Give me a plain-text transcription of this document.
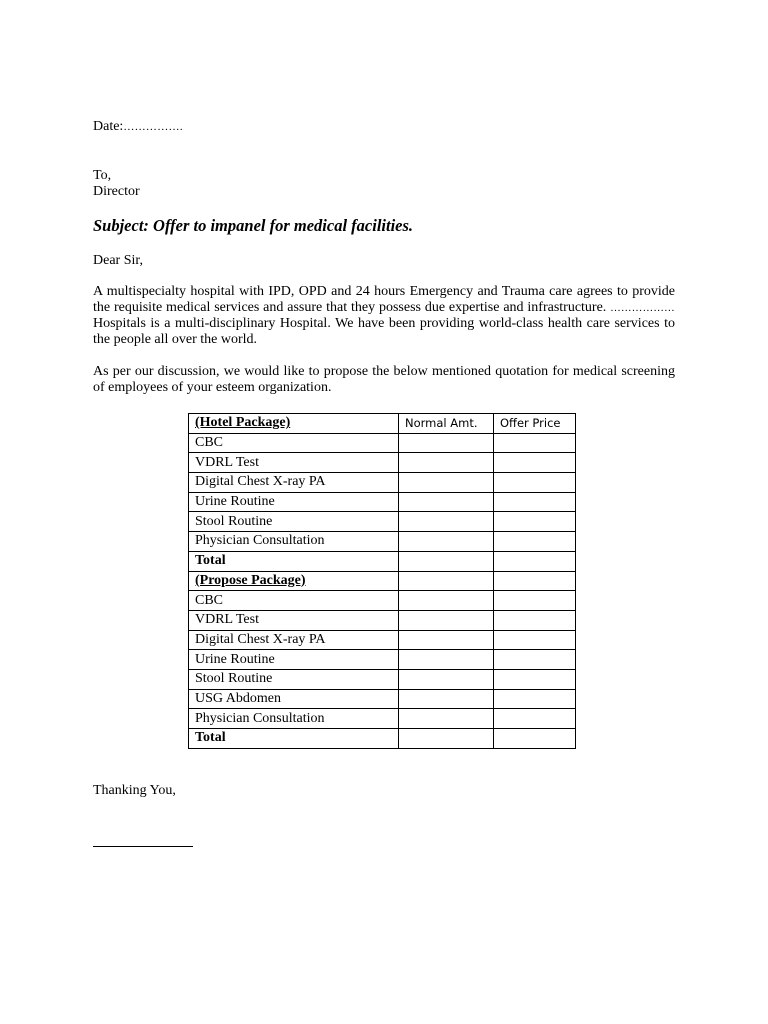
Date:…………….
To,
Director
Subject: Offer to impanel for medical facilities.
Dear Sir,
A multispecialty hospital with IPD, OPD and 24 hours Emergency and Trauma care agrees to provide the requisite medical services and assure that they possess due expertise and infrastructure. ……………… Hospitals is a multi-disciplinary Hospital. We have been providing world-class health care services to the people all over the world.
As per our discussion, we would like to propose the below mentioned quotation for medical screening of employees of your esteem organization.
(Hotel Package)	Normal Amt.	Offer Price
CBC		
VDRL Test		
Digital Chest X-ray PA		
Urine Routine		
Stool Routine		
Physician Consultation		
Total		
(Propose Package)		
CBC		
VDRL Test		
Digital Chest X-ray PA		
Urine Routine		
Stool Routine		
USG Abdomen		
Physician Consultation		
Total		
Thanking You,
